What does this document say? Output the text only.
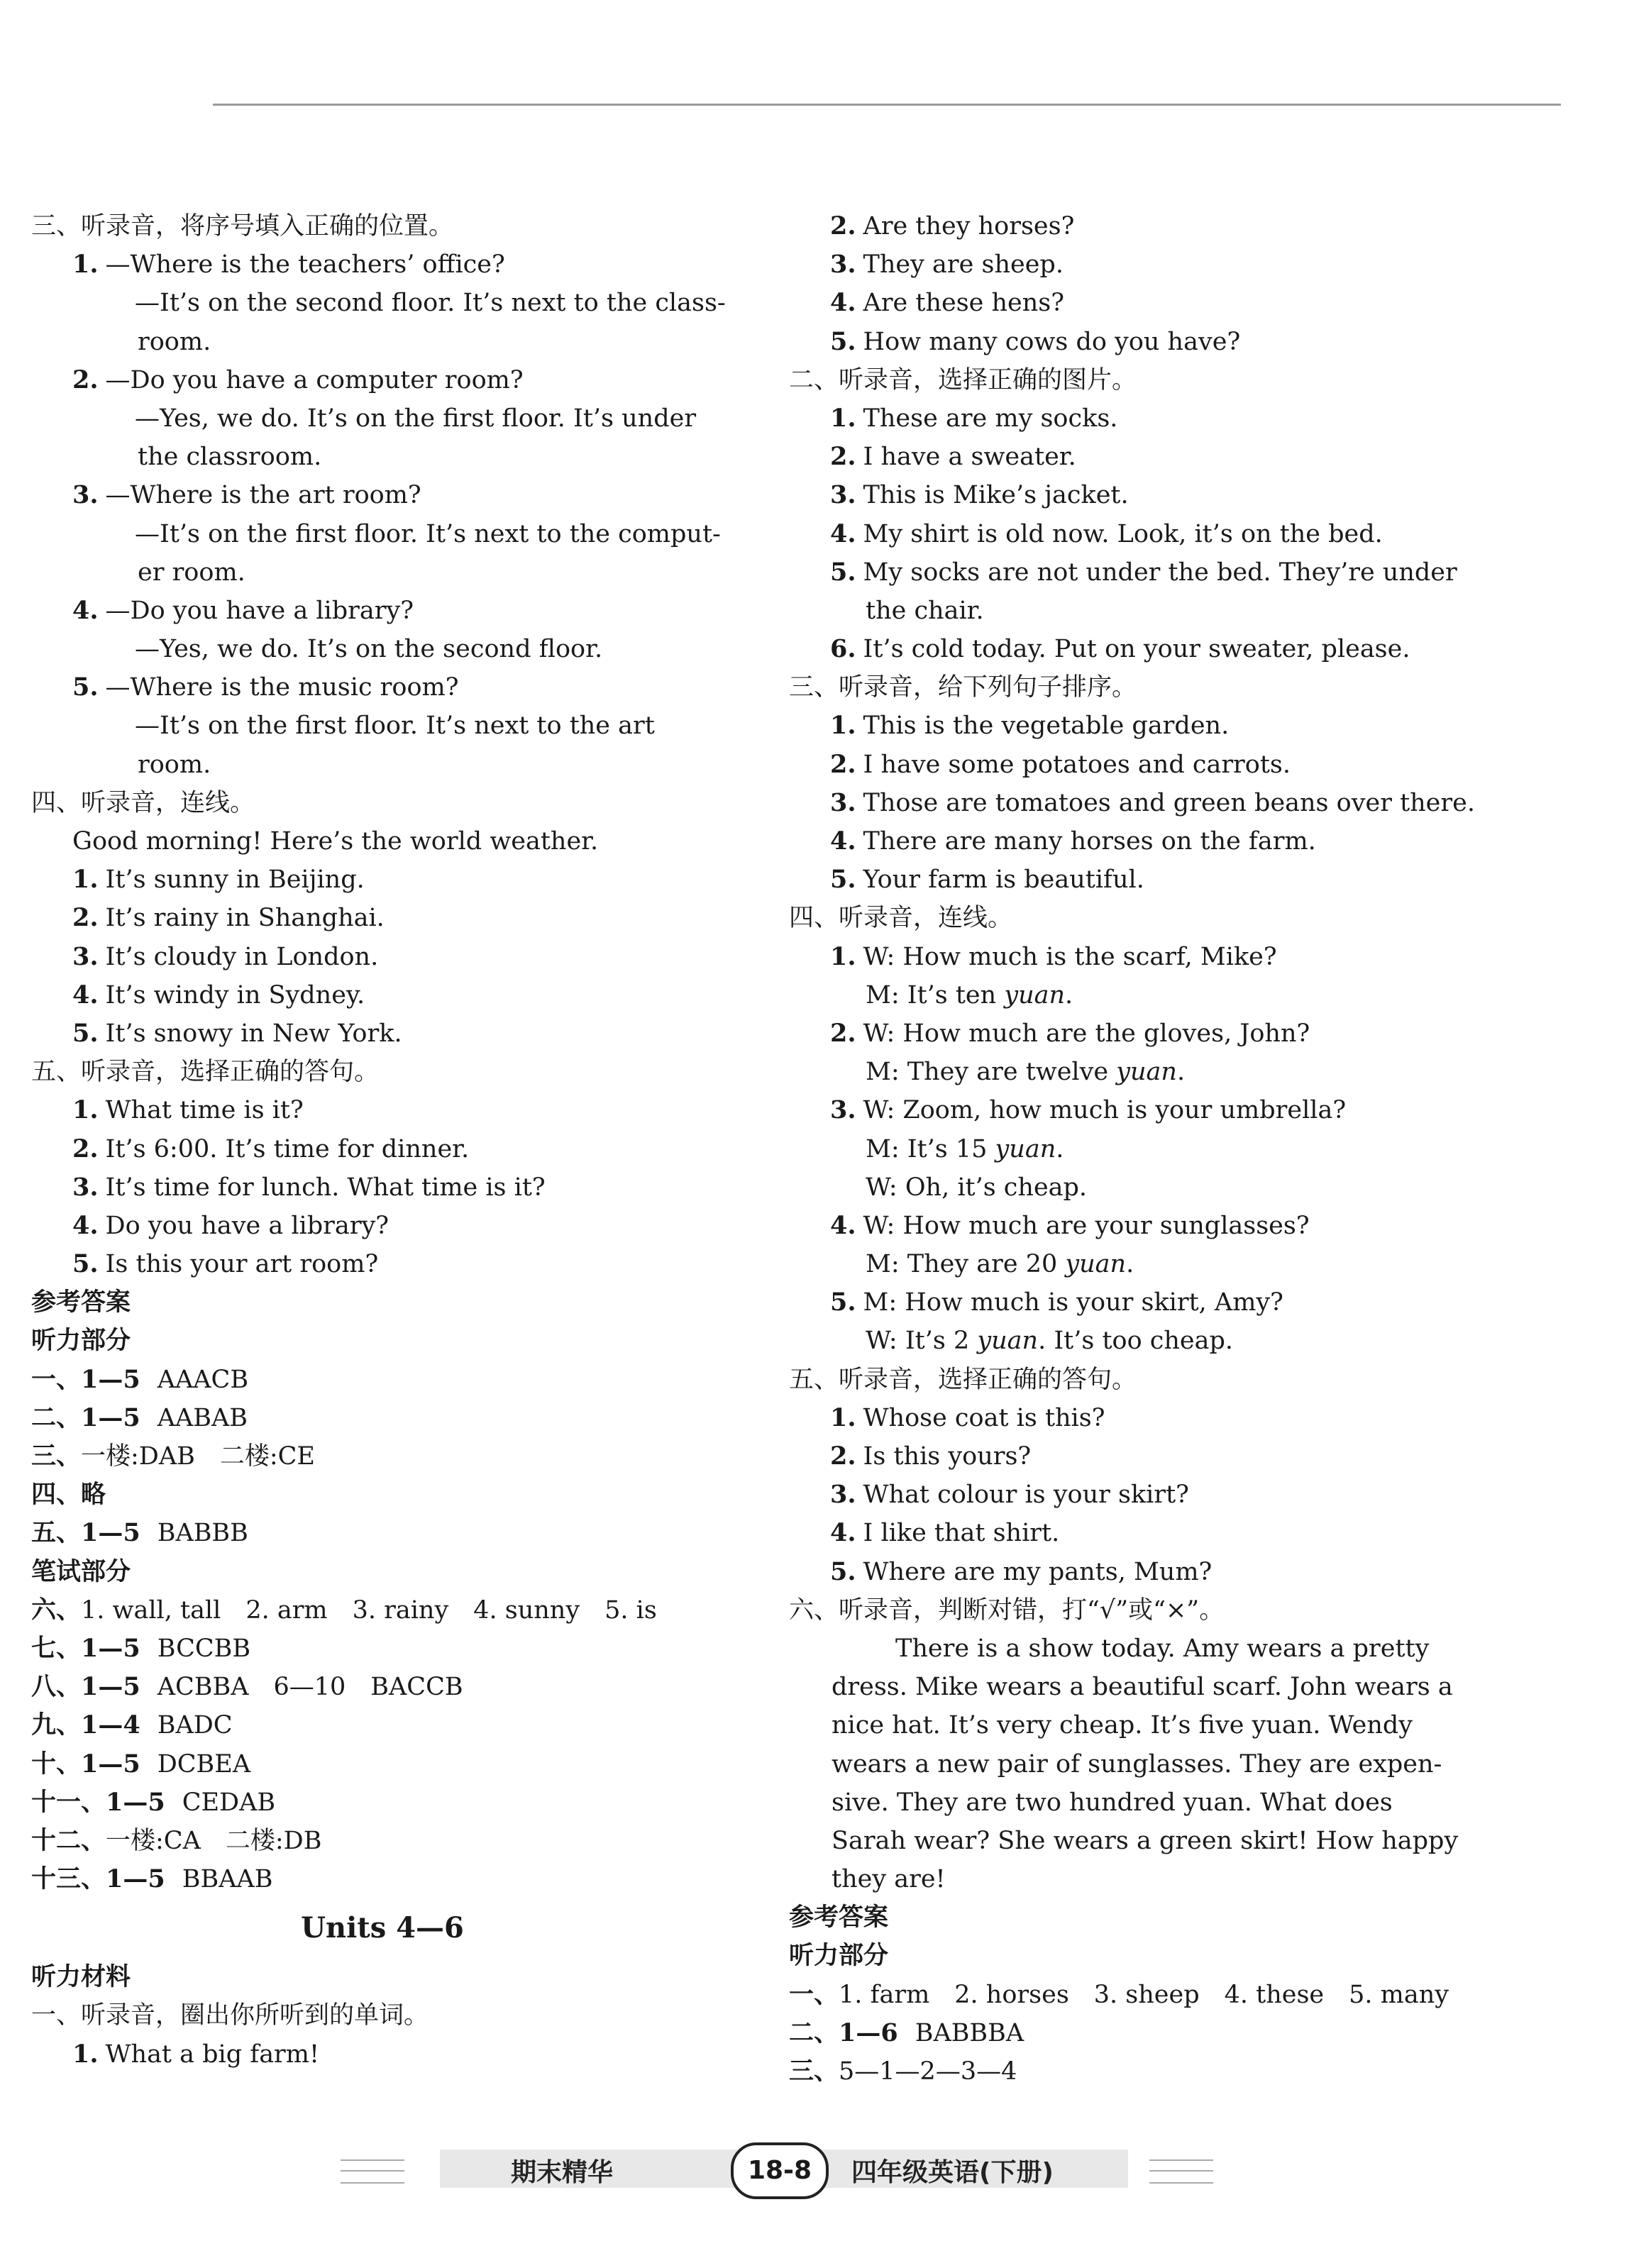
三、听录音，将序号填入正确的位置。
1. —Where is the teachers’ office?
—It’s on the second floor. It’s next to the class-
room.
2. —Do you have a computer room?
—Yes, we do. It’s on the first floor. It’s under
the classroom.
3. —Where is the art room?
—It’s on the first floor. It’s next to the comput-
er room.
4. —Do you have a library?
—Yes, we do. It’s on the second floor.
5. —Where is the music room?
—It’s on the first floor. It’s next to the art
room.
四、听录音，连线。
Good morning! Here’s the world weather.
1. It’s sunny in Beijing.
2. It’s rainy in Shanghai.
3. It’s cloudy in London.
4. It’s windy in Sydney.
5. It’s snowy in New York.
五、听录音，选择正确的答句。
1. What time is it?
2. It’s 6:00. It’s time for dinner.
3. It’s time for lunch. What time is it?
4. Do you have a library?
5. Is this your art room?
参考答案
听力部分
一、1—5 AAACB
二、1—5 AABAB
三、一楼:DAB　二楼:CE
四、略
五、1—5 BABBB
笔试部分
六、1. wall, tall　2. arm　3. rainy　4. sunny　5. is
七、1—5 BCCBB
八、1—5 ACBBA　6—10　BACCB
九、1—4 BADC
十、1—5 DCBEA
十一、1—5 CEDAB
十二、一楼:CA　二楼:DB
十三、1—5 BBAAB
Units 4—6
听力材料
一、听录音，圈出你所听到的单词。
1. What a big farm!
2. Are they horses?
3. They are sheep.
4. Are these hens?
5. How many cows do you have?
二、听录音，选择正确的图片。
1. These are my socks.
2. I have a sweater.
3. This is Mike’s jacket.
4. My shirt is old now. Look, it’s on the bed.
5. My socks are not under the bed. They’re under
the chair.
6. It’s cold today. Put on your sweater, please.
三、听录音，给下列句子排序。
1. This is the vegetable garden.
2. I have some potatoes and carrots.
3. Those are tomatoes and green beans over there.
4. There are many horses on the farm.
5. Your farm is beautiful.
四、听录音，连线。
1. W: How much is the scarf, Mike?
M: It’s ten yuan.
2. W: How much are the gloves, John?
M: They are twelve yuan.
3. W: Zoom, how much is your umbrella?
M: It’s 15 yuan.
W: Oh, it’s cheap.
4. W: How much are your sunglasses?
M: They are 20 yuan.
5. M: How much is your skirt, Amy?
W: It’s 2 yuan. It’s too cheap.
五、听录音，选择正确的答句。
1. Whose coat is this?
2. Is this yours?
3. What colour is your skirt?
4. I like that shirt.
5. Where are my pants, Mum?
六、听录音，判断对错，打“√”或“×”。
There is a show today. Amy wears a pretty
dress. Mike wears a beautiful scarf. John wears a
nice hat. It’s very cheap. It’s five yuan. Wendy
wears a new pair of sunglasses. They are expen-
sive. They are two hundred yuan. What does
Sarah wear? She wears a green skirt! How happy
they are!
参考答案
听力部分
一、1. farm　2. horses　3. sheep　4. these　5. many
二、1—6 BABBBA
三、5—1—2—3—4
期末精华	18-8	四年级英语(下册)
